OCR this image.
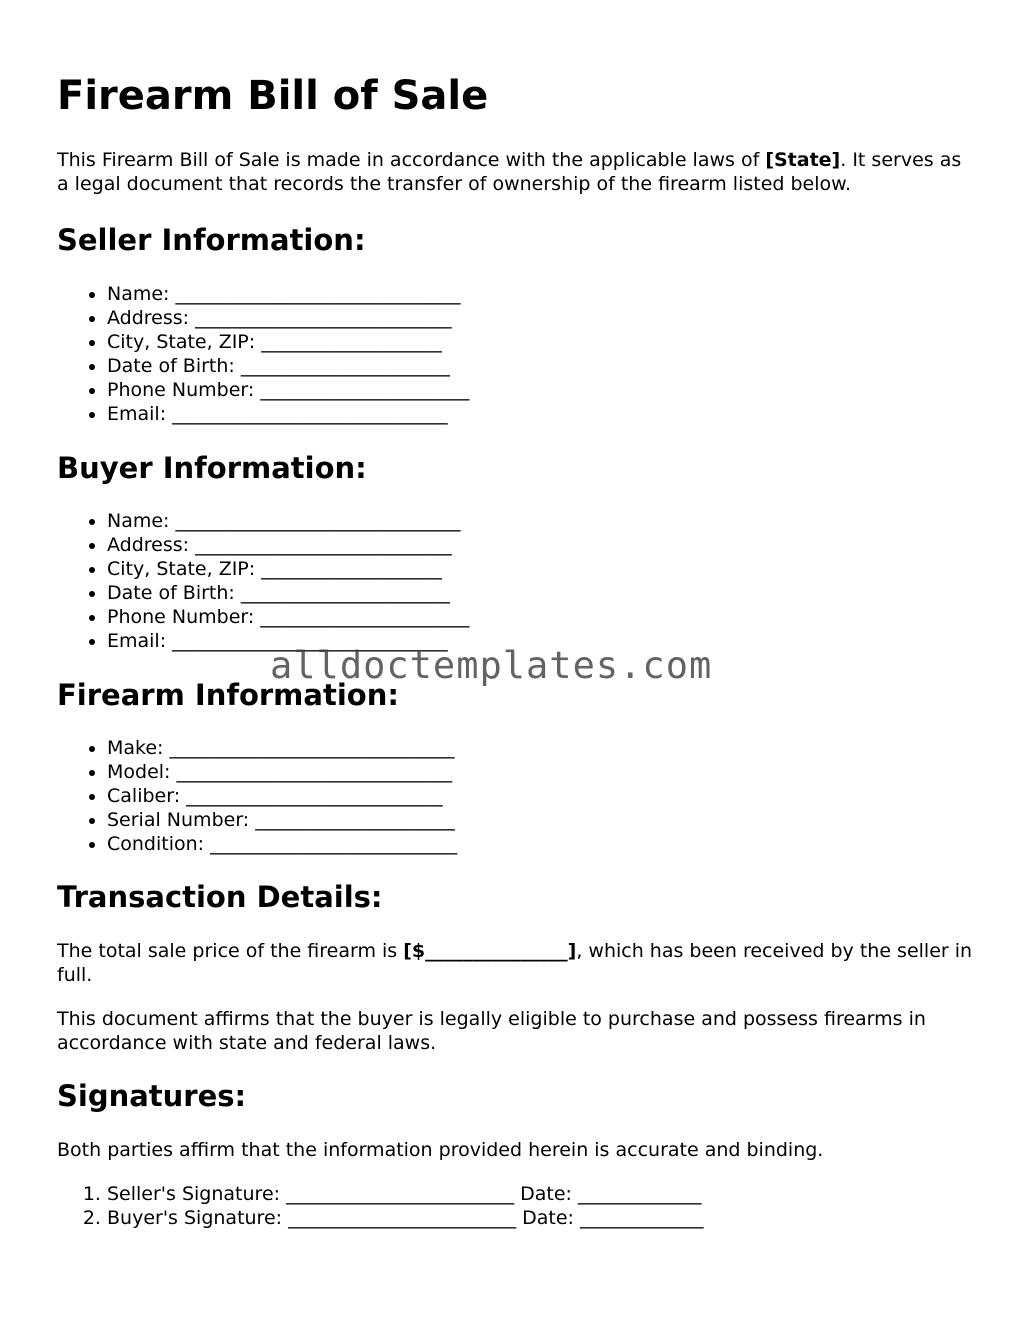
Firearm Bill of Sale

This Firearm Bill of Sale is made in accordance with the applicable laws of [State]. It serves as a legal document that records the transfer of ownership of the firearm listed below.

Seller Information:
• Name: ______________________________
• Address: ___________________________
• City, State, ZIP: ___________________
• Date of Birth: ______________________
• Phone Number: ______________________
• Email: _____________________________
Buyer Information:
• Name: ______________________________
• Address: ___________________________
• City, State, ZIP: ___________________
• Date of Birth: ______________________
• Phone Number: ______________________
• Email: _____________________________
Firearm Information:
• Make: ______________________________
• Model: _____________________________
• Caliber: ___________________________
• Serial Number: _____________________
• Condition: __________________________
Transaction Details:

The total sale price of the firearm is [$_______________], which has been received by the seller in full.

This document affirms that the buyer is legally eligible to purchase and possess firearms in accordance with state and federal laws.

Signatures:

Both parties affirm that the information provided herein is accurate and binding.

1. Seller's Signature: ________________________ Date: _____________
2. Buyer's Signature: ________________________ Date: _____________
alldoctemplates.com
